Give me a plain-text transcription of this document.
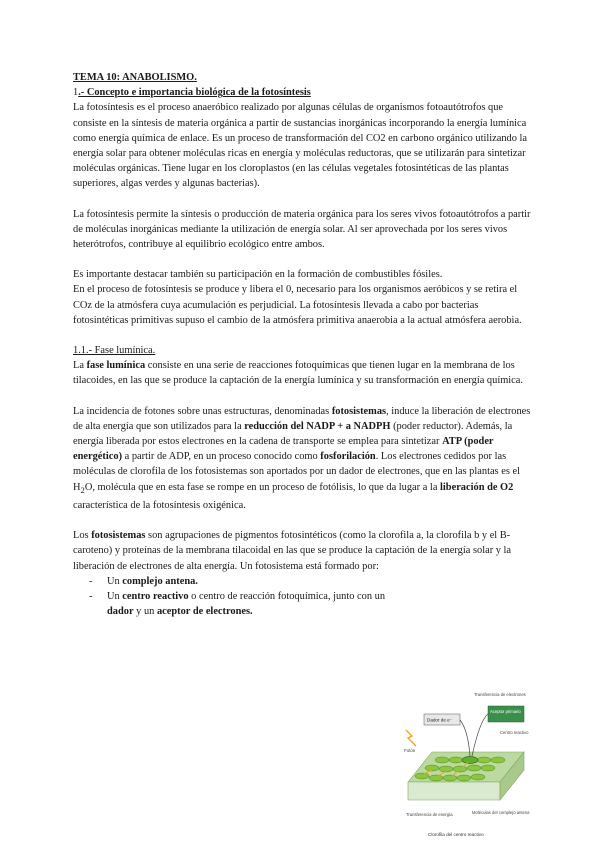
TEMA 10: ANABOLISMO.

1.- Concepto e importancia biológica de la fotosíntesis

La fotosíntesis es el proceso anaeróbico realizado por algunas células de organismos fotoautótrofos que consiste en la síntesis de materia orgánica a partir de sustancias inorgánicas incorporando la energía lumínica como energía química de enlace. Es un proceso de transformación del CO2 en carbono orgánico utilizando la energía solar para obtener moléculas ricas en energía y moléculas reductoras, que se utilizarán para sintetizar moléculas orgánicas. Tiene lugar en los cloroplastos (en las células vegetales fotosintéticas de las plantas superiores, algas verdes y algunas bacterias).

La fotosíntesis permite la síntesis o producción de materia orgánica para los seres vivos fotoautótrofos a partir de moléculas inorgánicas mediante la utilización de energía solar. Al ser aprovechada por los seres vivos heterótrofos, contribuye al equilibrio ecológico entre ambos.

Es importante destacar también su participación en la formación de combustibles fósiles.

En el proceso de fotosíntesis se produce y libera el 0, necesario para los organismos aeróbicos y se retira el COz de la atmósfera cuya acumulación es perjudicial. La fotosíntesis llevada a cabo por bacterias fotosintéticas primitivas supuso el cambio de la atmósfera primitiva anaerobia a la actual atmósfera aerobia.

1.1.- Fase lumínica.

La fase lumínica consiste en una serie de reacciones fotoquímicas que tienen lugar en la membrana de los tilacoides, en las que se produce la captación de la energía lumínica y su transformación en energía química.

La incidencia de fotones sobre unas estructuras, denominadas fotosistemas, induce la liberación de electrones de alta energía que son utilizados para la reducción del NADP + a NADPH (poder reductor). Además, la energía liberada por estos electrones en la cadena de transporte se emplea para sintetizar ATP (poder energético) a partir de ADP, en un proceso conocido como fosforilación. Los electrones cedidos por las moléculas de clorofila de los fotosistemas son aportados por un dador de electrones, que en las plantas es el $H_2O$, molécula que en esta fase se rompe en un proceso de fotólisis, lo que da lugar a la liberación de O2 característica de la fotosíntesis oxigénica.

Los fotosistemas son agrupaciones de pigmentos fotosintéticos (como la clorofila a, la clorofila b y el B-caroteno) y proteínas de la membrana tilacoidal en las que se produce la captación de la energía solar y la liberación de electrones de alta energía. Un fotosistema está formado por:

- Un complejo antena.
- Un centro reactivo o centro de reacción fotoquímica, junto con un dador y un aceptor de electrones.
Transferencia de electrones
Dador de e⁻
Aceptor primario
Centro reactivo
Fotón
Transferencia de energía	Moléculas del complejo antena
Clorofila del centro reactivo
